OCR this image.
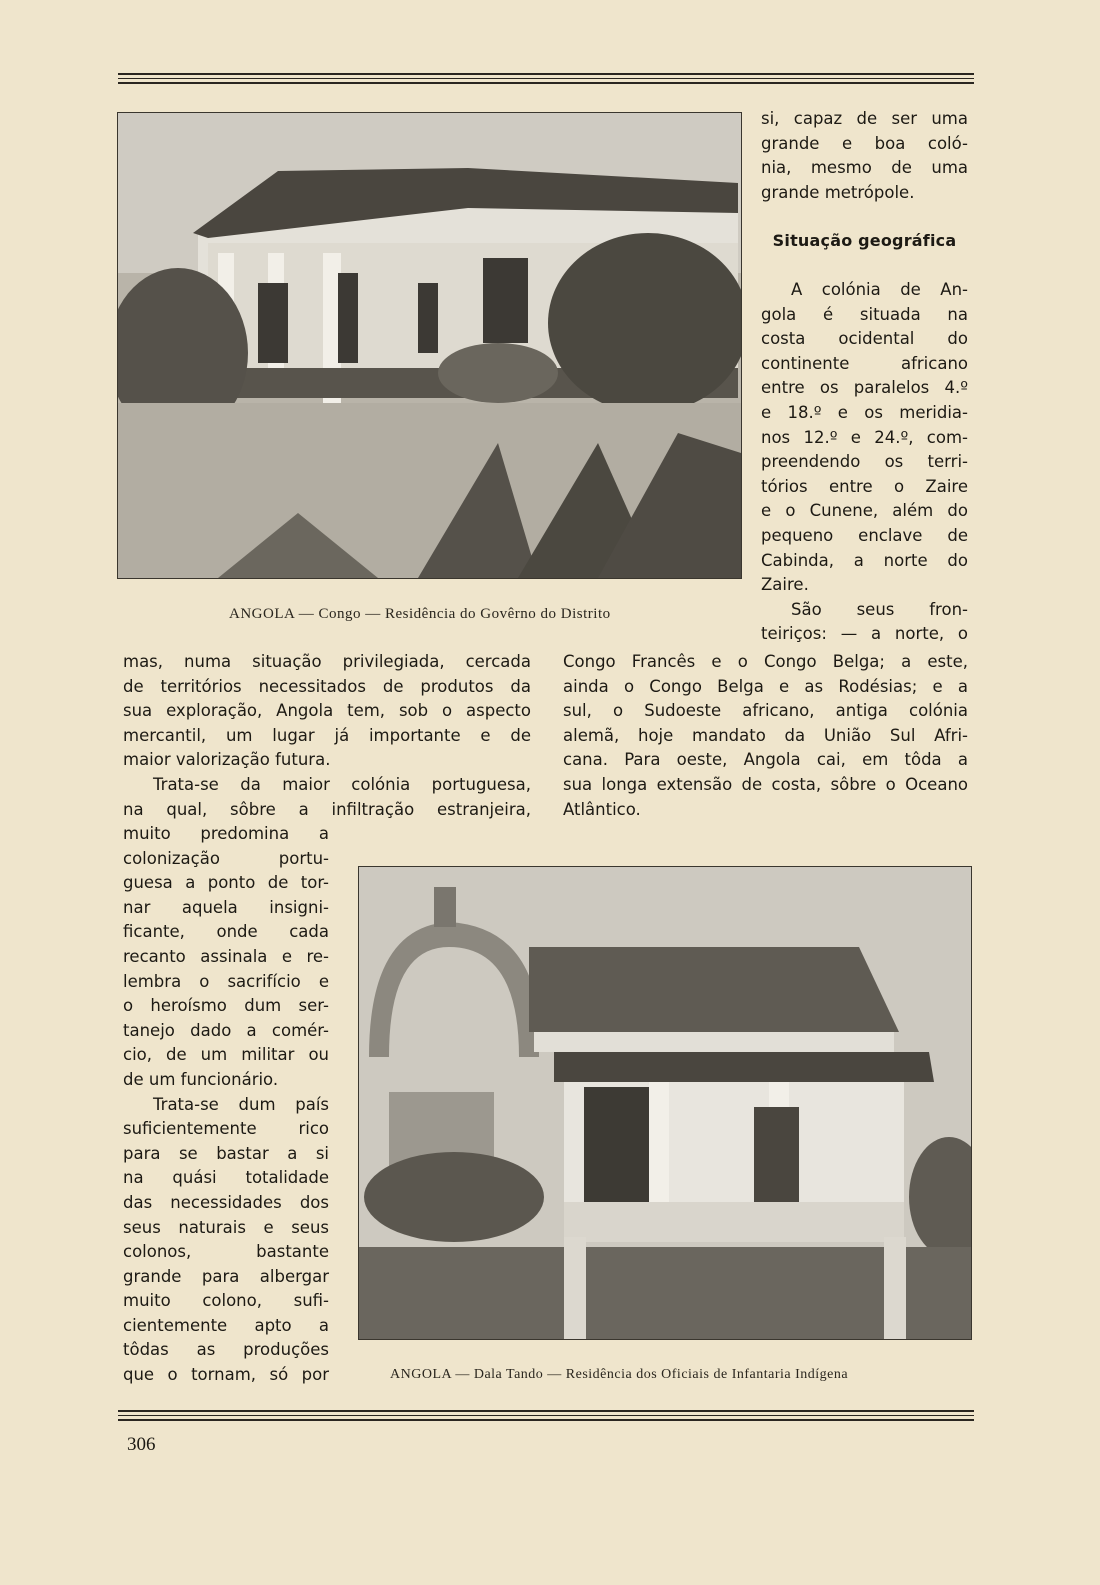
ANGOLA — Congo — Residência do Govêrno do Distrito
si, capaz de ser uma
grande e boa coló-
nia, mesmo de uma
grande metrópole.
Situação geográfica
A colónia de An-
gola é situada na
costa ocidental do
continente africano
entre os paralelos 4.º
e 18.º e os meridia-
nos 12.º e 24.º, com-
preendendo os terri-
tórios entre o Zaire
e o Cunene, além do
pequeno enclave de
Cabinda, a norte do
Zaire.
São seus fron-
teiriços: — a norte, o
Congo Francês e o Congo Belga; a este,
ainda o Congo Belga e as Rodésias; e a
sul, o Sudoeste africano, antiga colónia
alemã, hoje mandato da União Sul Afri-
cana. Para oeste, Angola cai, em tôda a
sua longa extensão de costa, sôbre o Oceano
Atlântico.
mas, numa situação privilegiada, cercada
de territórios necessitados de produtos da
sua exploração, Angola tem, sob o aspecto
mercantil, um lugar já importante e de
maior valorização futura.
Trata-se da maior colónia portuguesa,
na qual, sôbre a infiltração estranjeira,
muito predomina a
colonização portu-
guesa a ponto de tor-
nar aquela insigni-
ficante, onde cada
recanto assinala e re-
lembra o sacrifício e
o heroísmo dum ser-
tanejo dado a comér-
cio, de um militar ou
de um funcionário.
Trata-se dum país
suficientemente rico
para se bastar a si
na quási totalidade
das necessidades dos
seus naturais e seus
colonos, bastante
grande para albergar
muito colono, sufi-
cientemente apto a
tôdas as produções
que o tornam, só por	ANGOLA — Dala Tando — Residência dos Oficiais de Infantaria Indígena
306
